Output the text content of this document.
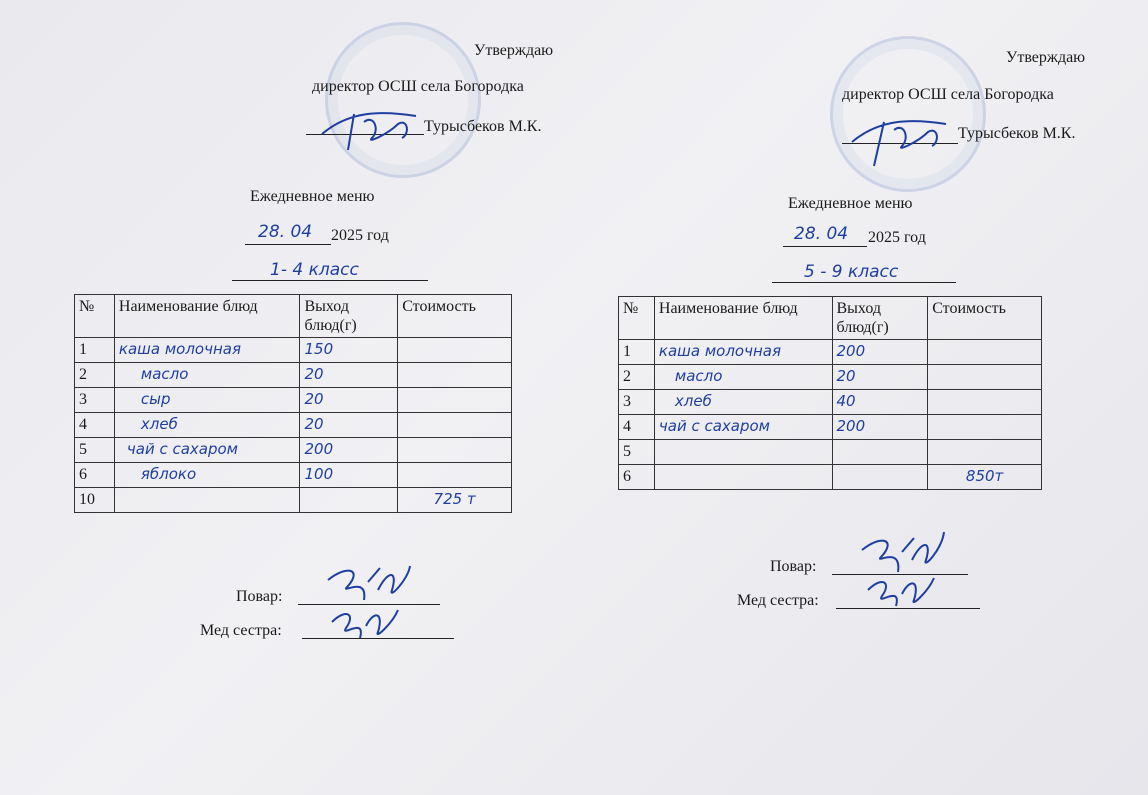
Утверждаю
директор ОСШ села Богородка
Турысбеков М.К.
Ежедневное меню
28. 04 2025 год
1- 4 класс
№	Наименование блюд	Выход блюд(г)	Стоимость
1	каша молочная	150	
2	масло	20	
3	сыр	20	
4	хлеб	20	
5	чай с сахаром	200	
6	яблоко	100	
10			725 т
Повар:
Мед сестра:
Утверждаю
директор ОСШ села Богородка
Турысбеков М.К.
Ежедневное меню
28. 04 2025 год
5 - 9 класс
№	Наименование блюд	Выход блюд(г)	Стоимость
1	каша молочная	200	
2	масло	20	
3	хлеб	40	
4	чай с сахаром	200	
5			
6			850т
Повар:
Мед сестра:
